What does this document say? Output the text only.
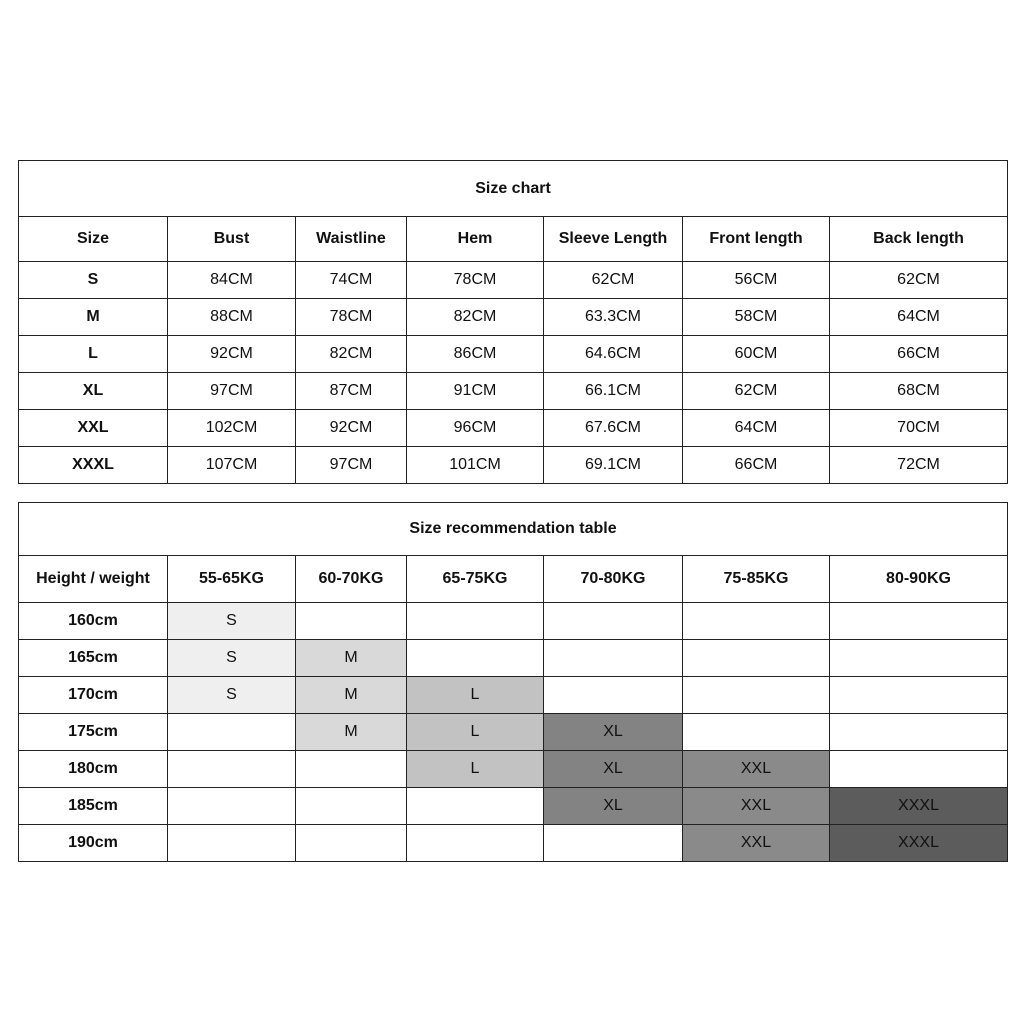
Size chart						
Size	Bust	Waistline	Hem	Sleeve Length	Front length	Back length
S	84CM	74CM	78CM	62CM	56CM	62CM
M	88CM	78CM	82CM	63.3CM	58CM	64CM
L	92CM	82CM	86CM	64.6CM	60CM	66CM
XL	97CM	87CM	91CM	66.1CM	62CM	68CM
XXL	102CM	92CM	96CM	67.6CM	64CM	70CM
XXXL	107CM	97CM	101CM	69.1CM	66CM	72CM
Size recommendation table						
Height / weight	55-65KG	60-70KG	65-75KG	70-80KG	75-85KG	80-90KG
160cm	S					
165cm	S	M				
170cm	S	M	L			
175cm		M	L	XL		
180cm			L	XL	XXL	
185cm				XL	XXL	XXXL
190cm					XXL	XXXL
